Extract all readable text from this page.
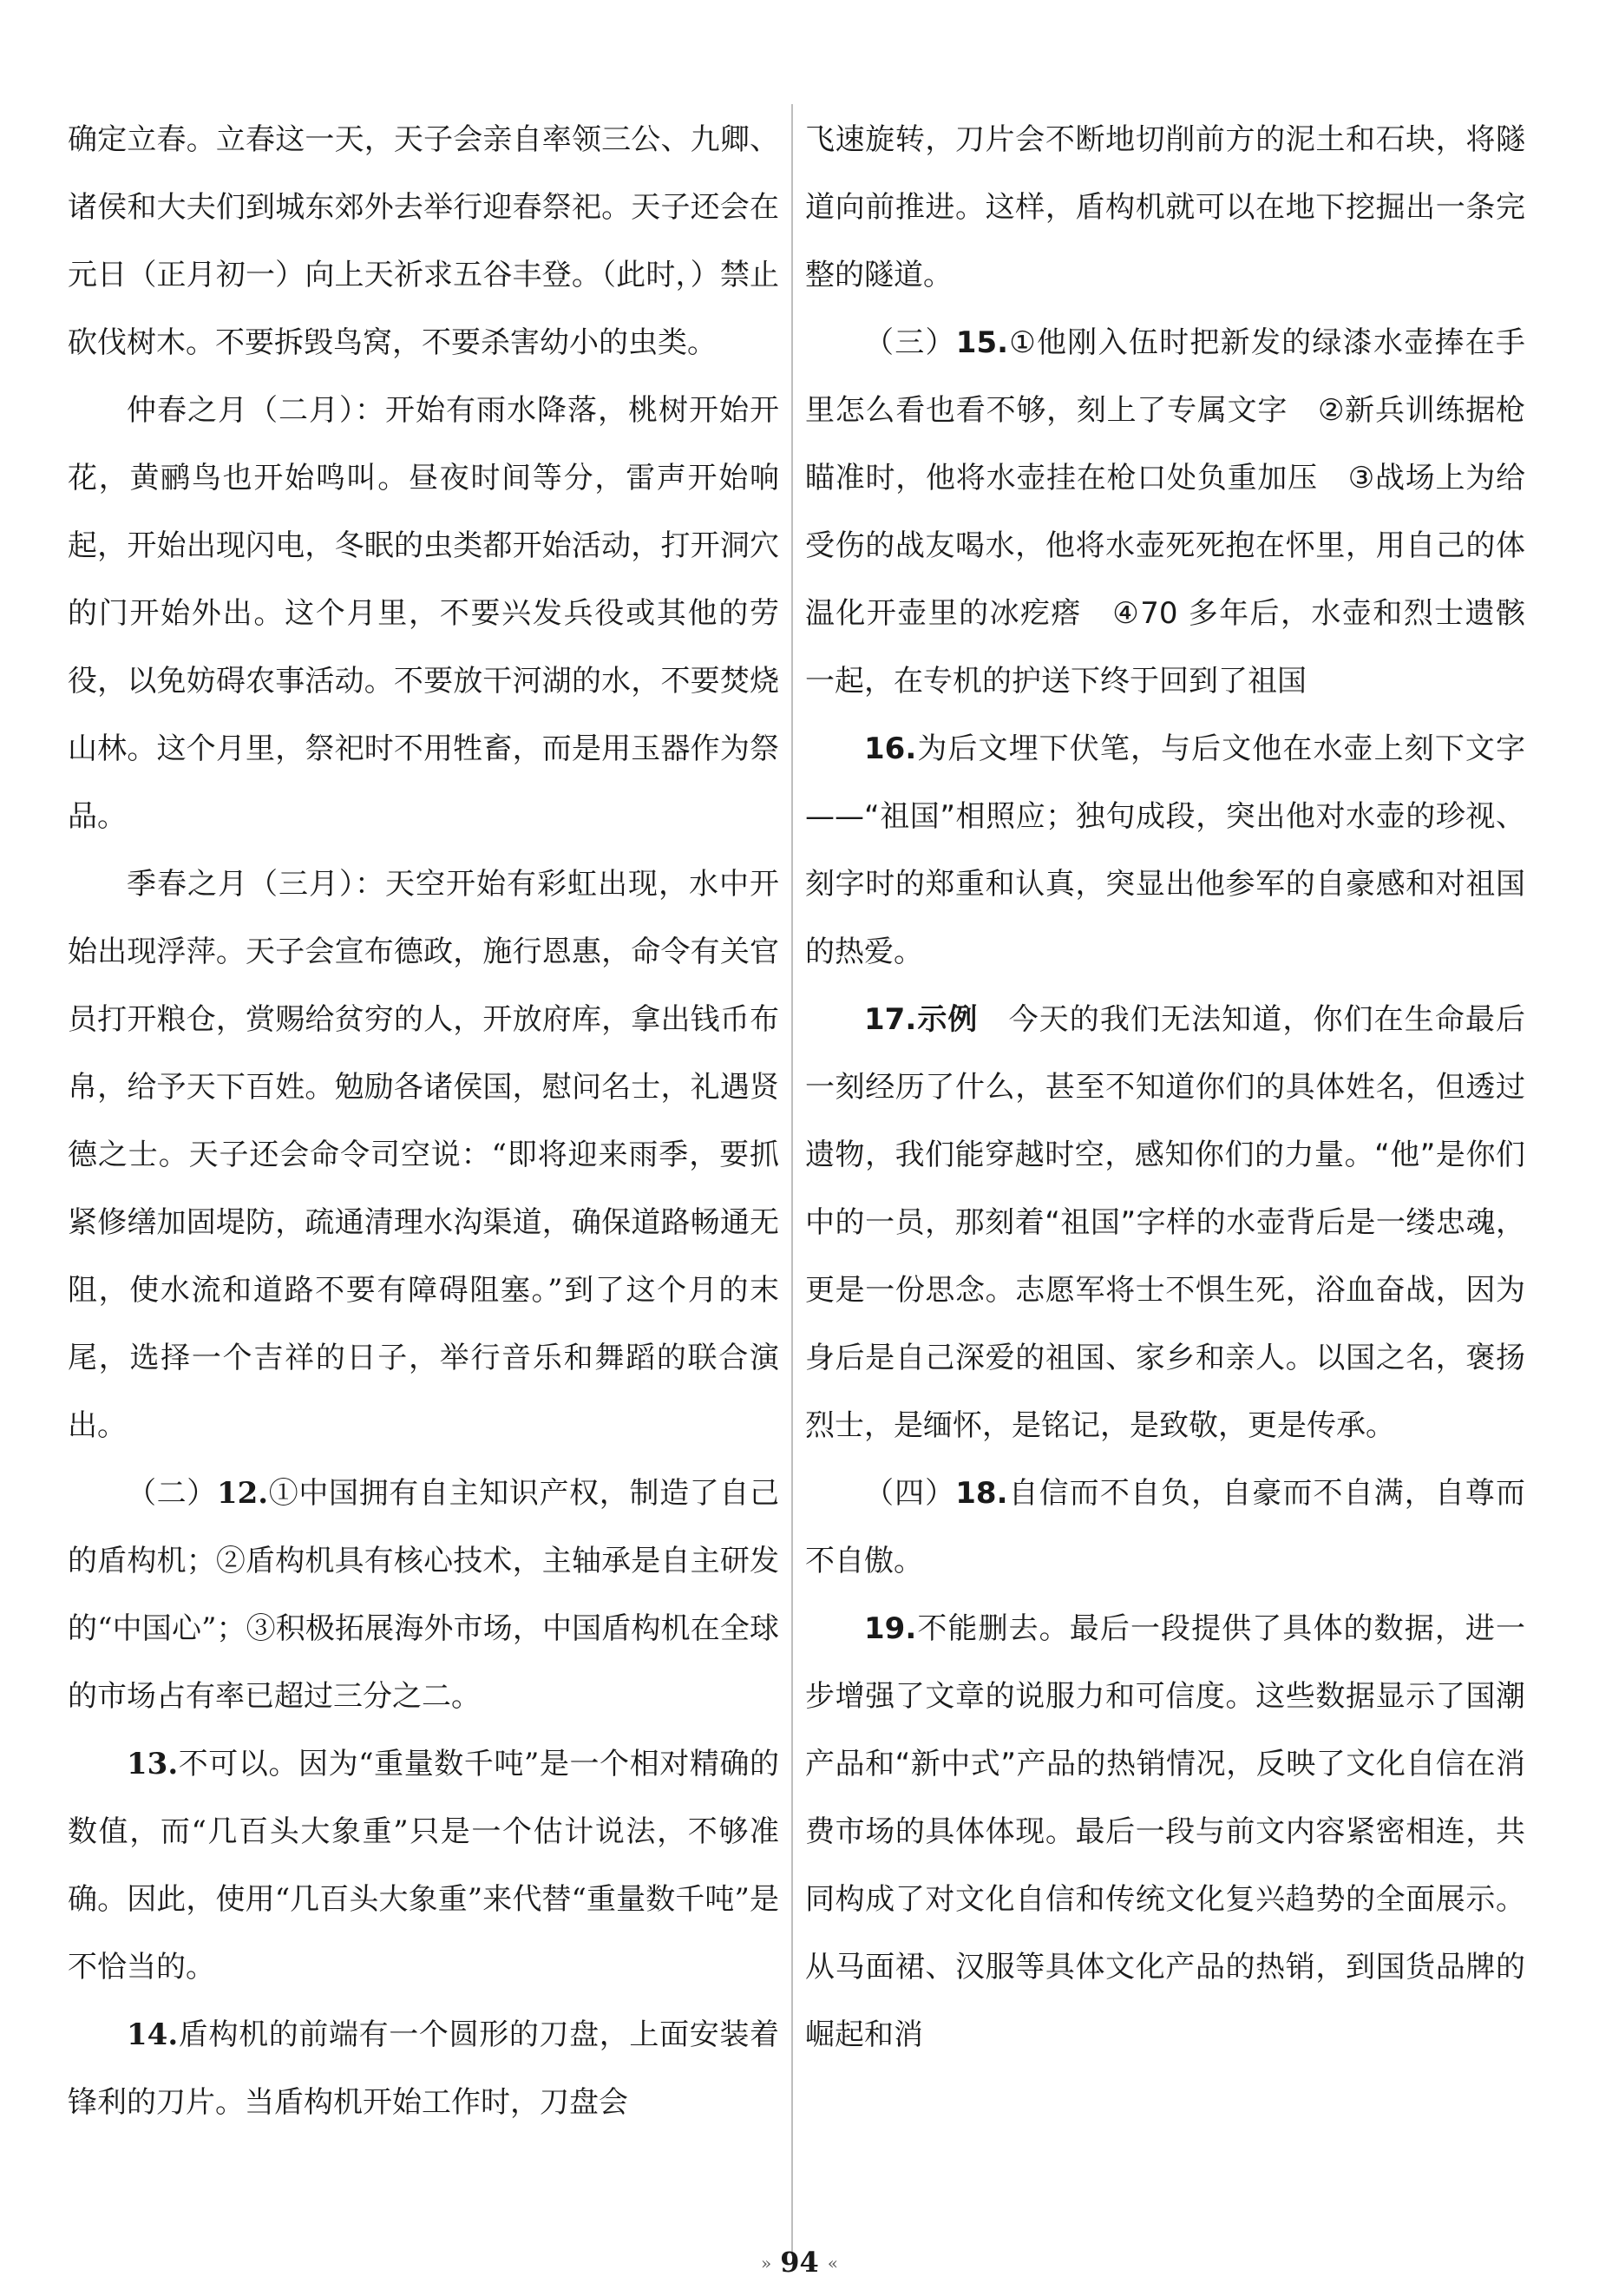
确定立春。立春这一天，天子会亲自率领三公、九卿、诸侯和大夫们到城东郊外去举行迎春祭祀。天子还会在元日（正月初一）向上天祈求五谷丰登。（此时，）禁止砍伐树木。不要拆毁鸟窝，不要杀害幼小的虫类。

仲春之月（二月）：开始有雨水降落，桃树开始开花，黄鹂鸟也开始鸣叫。昼夜时间等分，雷声开始响起，开始出现闪电，冬眠的虫类都开始活动，打开洞穴的门开始外出。这个月里，不要兴发兵役或其他的劳役，以免妨碍农事活动。不要放干河湖的水，不要焚烧山林。这个月里，祭祀时不用牲畜，而是用玉器作为祭品。

季春之月（三月）：天空开始有彩虹出现，水中开始出现浮萍。天子会宣布德政，施行恩惠，命令有关官员打开粮仓，赏赐给贫穷的人，开放府库，拿出钱币布帛，给予天下百姓。勉励各诸侯国，慰问名士，礼遇贤德之士。天子还会命令司空说：“即将迎来雨季，要抓紧修缮加固堤防，疏通清理水沟渠道，确保道路畅通无阻，使水流和道路不要有障碍阻塞。”到了这个月的末尾，选择一个吉祥的日子，举行音乐和舞蹈的联合演出。

（二）12.①中国拥有自主知识产权，制造了自己的盾构机；②盾构机具有核心技术，主轴承是自主研发的“中国心”；③积极拓展海外市场，中国盾构机在全球的市场占有率已超过三分之二。

13.不可以。因为“重量数千吨”是一个相对精确的数值，而“几百头大象重”只是一个估计说法，不够准确。因此，使用“几百头大象重”来代替“重量数千吨”是不恰当的。

14.盾构机的前端有一个圆形的刀盘，上面安装着锋利的刀片。当盾构机开始工作时，刀盘会

飞速旋转，刀片会不断地切削前方的泥土和石块，将隧道向前推进。这样，盾构机就可以在地下挖掘出一条完整的隧道。

（三）15.①他刚入伍时把新发的绿漆水壶捧在手里怎么看也看不够，刻上了专属文字　②新兵训练据枪瞄准时，他将水壶挂在枪口处负重加压　③战场上为给受伤的战友喝水，他将水壶死死抱在怀里，用自己的体温化开壶里的冰疙瘩　④70 多年后，水壶和烈士遗骸一起，在专机的护送下终于回到了祖国

16.为后文埋下伏笔，与后文他在水壶上刻下文字——“祖国”相照应；独句成段，突出他对水壶的珍视、刻字时的郑重和认真，突显出他参军的自豪感和对祖国的热爱。

17.示例  今天的我们无法知道，你们在生命最后一刻经历了什么，甚至不知道你们的具体姓名，但透过遗物，我们能穿越时空，感知你们的力量。“他”是你们中的一员，那刻着“祖国”字样的水壶背后是一缕忠魂，更是一份思念。志愿军将士不惧生死，浴血奋战，因为身后是自己深爱的祖国、家乡和亲人。以国之名，褒扬烈士，是缅怀，是铭记，是致敬，更是传承。

（四）18.自信而不自负，自豪而不自满，自尊而不自傲。

19.不能删去。最后一段提供了具体的数据，进一步增强了文章的说服力和可信度。这些数据显示了国潮产品和“新中式”产品的热销情况，反映了文化自信在消费市场的具体体现。最后一段与前文内容紧密相连，共同构成了对文化自信和传统文化复兴趋势的全面展示。从马面裙、汉服等具体文化产品的热销，到国货品牌的崛起和消

» 94 «
